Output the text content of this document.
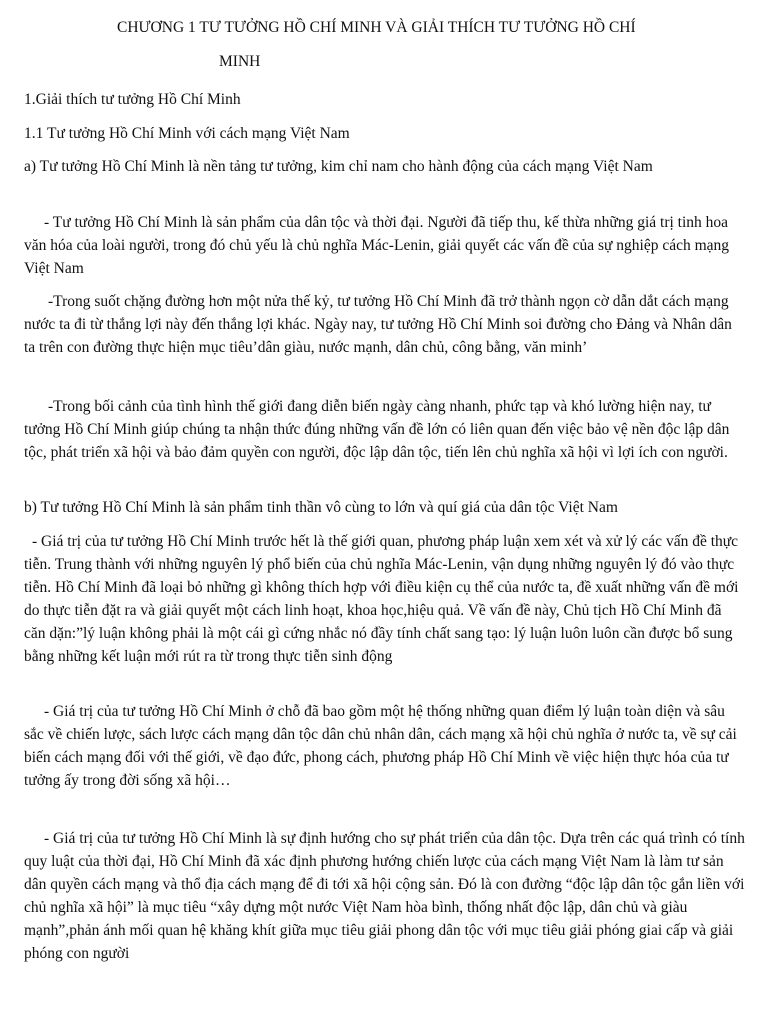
CHƯƠNG 1 TƯ TƯỞNG HỒ CHÍ MINH VÀ GIẢI THÍCH TƯ TƯỞNG HỒ CHÍ
MINH

1.Giải thích tư tưởng Hồ Chí Minh

1.1 Tư tưởng Hồ Chí Minh với cách mạng Việt Nam

a) Tư tưởng Hồ Chí Minh là nền tảng tư tưởng, kim chỉ nam cho hành động của cách mạng Việt Nam

- Tư tưởng Hồ Chí Minh là sản phẩm của dân tộc và thời đại. Người đã tiếp thu, kế thừa những giá trị tinh hoa văn hóa của loài người, trong đó chủ yếu là chủ nghĩa Mác-Lenin, giải quyết các vấn đề của sự nghiệp cách mạng Việt Nam

-Trong suốt chặng đường hơn một nửa thế kỷ, tư tưởng Hồ Chí Minh đã trở thành ngọn cờ dẫn dắt cách mạng nước ta đi từ thắng lợi này đến thắng lợi khác. Ngày nay, tư tưởng Hồ Chí Minh soi đường cho Đảng và Nhân dân ta trên con đường thực hiện mục tiêu’dân giàu, nước mạnh, dân chủ, công bằng, văn minh’

-Trong bối cảnh của tình hình thế giới đang diễn biến ngày càng nhanh, phức tạp và khó lường hiện nay, tư tưởng Hồ Chí Minh giúp chúng ta nhận thức đúng những vấn đề lớn có liên quan đến việc bảo vệ nền độc lập dân tộc, phát triển xã hội và bảo đảm quyền con người, độc lập dân tộc, tiến lên chủ nghĩa xã hội vì lợi ích con người.

b) Tư tưởng Hồ Chí Minh là sản phẩm tinh thần vô cùng to lớn và quí giá của dân tộc Việt Nam

- Giá trị của tư tưởng Hồ Chí Minh trước hết là thế giới quan, phương pháp luận xem xét và xử lý các vấn đề thực tiễn. Trung thành với những nguyên lý phổ biến của chủ nghĩa Mác-Lenin, vận dụng những nguyên lý đó vào thực tiễn. Hồ Chí Minh đã loại bỏ những gì không thích hợp với điều kiện cụ thể của nước ta, đề xuất những vấn đề mới do thực tiễn đặt ra và giải quyết một cách linh hoạt, khoa học,hiệu quả. Về vấn đề này, Chủ tịch Hồ Chí Minh đã căn dặn:”lý luận không phải là một cái gì cứng nhắc nó đầy tính chất sang tạo: lý luận luôn luôn cần được bổ sung bằng những kết luận mới rút ra từ trong thực tiễn sinh động

- Giá trị của tư tưởng Hồ Chí Minh ở chỗ đã bao gồm một hệ thống những quan điểm lý luận toàn diện và sâu sắc về chiến lược, sách lược cách mạng dân tộc dân chủ nhân dân, cách mạng xã hội chủ nghĩa ở nước ta, về sự cải biến cách mạng đối với thế giới, về đạo đức, phong cách, phương pháp Hồ Chí Minh về việc hiện thực hóa của tư tưởng ấy trong đời sống xã hội…

- Giá trị của tư tưởng Hồ Chí Minh là sự định hướng cho sự phát triển của dân tộc. Dựa trên các quá trình có tính quy luật của thời đại, Hồ Chí Minh đã xác định phương hướng chiến lược của cách mạng Việt Nam là làm tư sản dân quyền cách mạng và thổ địa cách mạng để đi tới xã hội cộng sản. Đó là con đường “độc lập dân tộc gắn liền với chủ nghĩa xã hội” là mục tiêu “xây dựng một nước Việt Nam hòa bình, thống nhất độc lập, dân chủ và giàu mạnh”,phản ánh mối quan hệ khăng khít giữa mục tiêu giải phong dân tộc với mục tiêu giải phóng giai cấp và giải phóng con người
